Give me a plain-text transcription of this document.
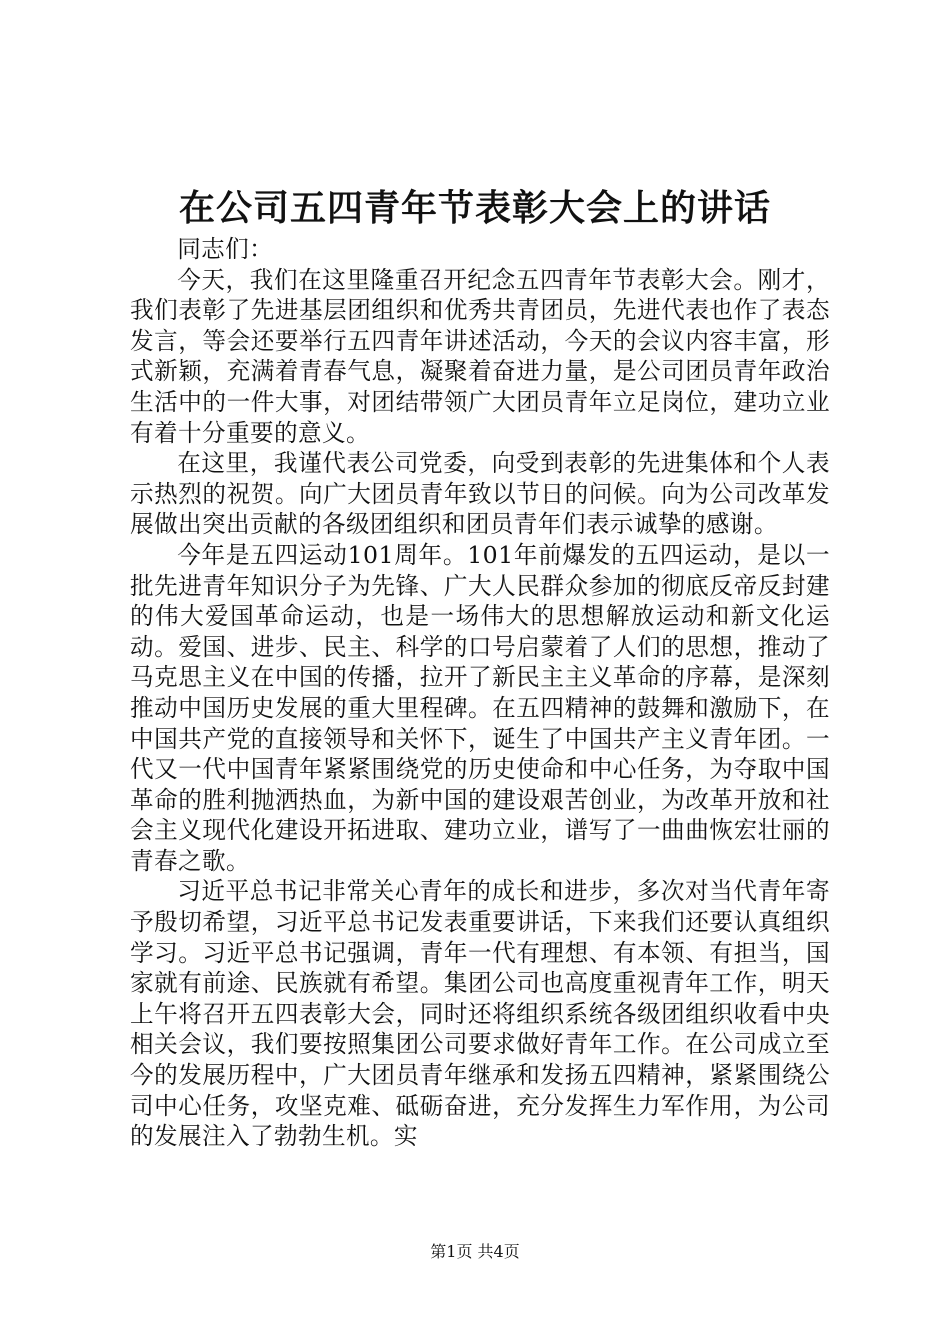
在公司五四青年节表彰大会上的讲话

同志们：

今天，我们在这里隆重召开纪念五四青年节表彰大会。刚才，我们表彰了先进基层团组织和优秀共青团员，先进代表也作了表态发言，等会还要举行五四青年讲述活动，今天的会议内容丰富，形式新颖，充满着青春气息，凝聚着奋进力量，是公司团员青年政治生活中的一件大事，对团结带领广大团员青年立足岗位，建功立业有着十分重要的意义。

在这里，我谨代表公司党委，向受到表彰的先进集体和个人表示热烈的祝贺。向广大团员青年致以节日的问候。向为公司改革发展做出突出贡献的各级团组织和团员青年们表示诚挚的感谢。

今年是五四运动101周年。101年前爆发的五四运动，是以一批先进青年知识分子为先锋、广大人民群众参加的彻底反帝反封建的伟大爱国革命运动，也是一场伟大的思想解放运动和新文化运动。爱国、进步、民主、科学的口号启蒙着了人们的思想，推动了马克思主义在中国的传播，拉开了新民主主义革命的序幕，是深刻推动中国历史发展的重大里程碑。在五四精神的鼓舞和激励下，在中国共产党的直接领导和关怀下，诞生了中国共产主义青年团。一代又一代中国青年紧紧围绕党的历史使命和中心任务，为夺取中国革命的胜利抛洒热血，为新中国的建设艰苦创业，为改革开放和社会主义现代化建设开拓进取、建功立业，谱写了一曲曲恢宏壮丽的青春之歌。

习近平总书记非常关心青年的成长和进步，多次对当代青年寄予殷切希望，习近平总书记发表重要讲话，下来我们还要认真组织学习。习近平总书记强调，青年一代有理想、有本领、有担当，国家就有前途、民族就有希望。集团公司也高度重视青年工作，明天上午将召开五四表彰大会，同时还将组织系统各级团组织收看中央相关会议，我们要按照集团公司要求做好青年工作。在公司成立至今的发展历程中，广大团员青年继承和发扬五四精神，紧紧围绕公司中心任务，攻坚克难、砥砺奋进，充分发挥生力军作用，为公司的发展注入了勃勃生机。实

第1页 共4页
